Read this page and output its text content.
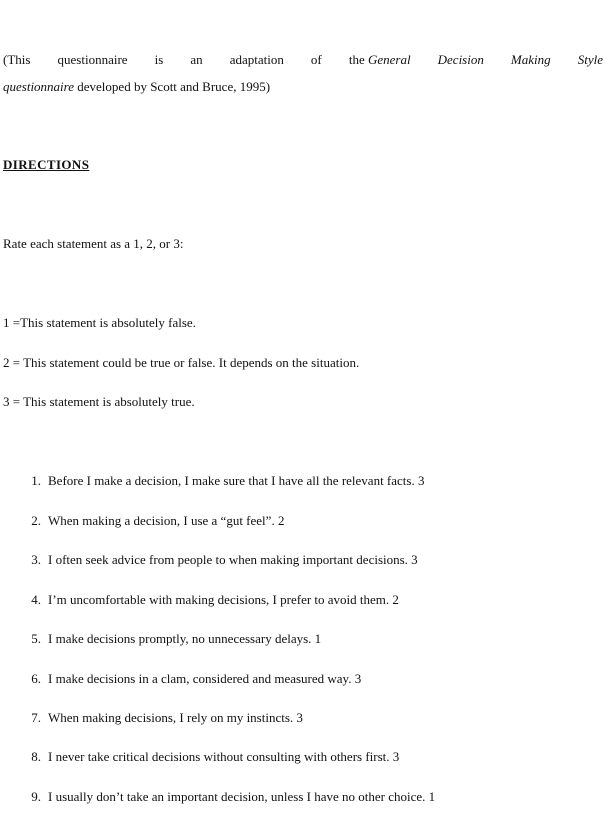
(This questionnaire is an adaptation of the General Decision Making Style
questionnaire developed by Scott and Bruce, 1995)
DIRECTIONS
Rate each statement as a 1, 2, or 3:
1 =This statement is absolutely false.
2 = This statement could be true or false. It depends on the situation.
3 = This statement is absolutely true.
1. Before I make a decision, I make sure that I have all the relevant facts. 3
2. When making a decision, I use a “gut feel”. 2
3. I often seek advice from people to when making important decisions. 3
4. I’m uncomfortable with making decisions, I prefer to avoid them. 2
5. I make decisions promptly, no unnecessary delays. 1
6. I make decisions in a clam, considered and measured way. 3
7. When making decisions, I rely on my instincts. 3
8. I never take critical decisions without consulting with others first. 3
9. I usually don’t take an important decision, unless I have no other choice. 1
